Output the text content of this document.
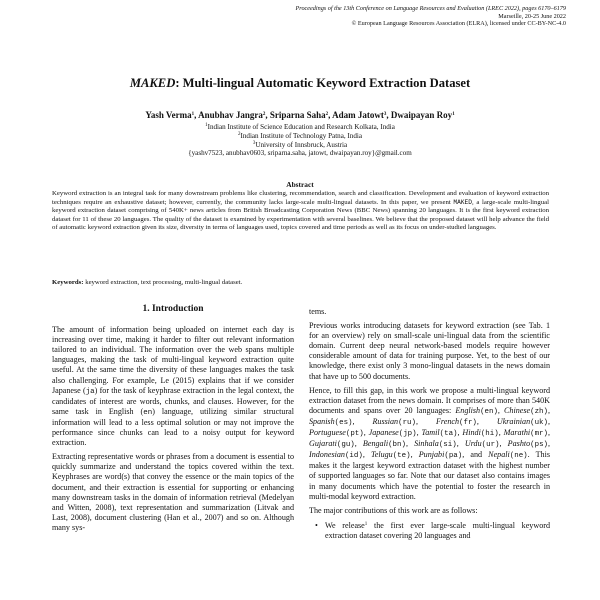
Proceedings of the 13th Conference on Language Resources and Evaluation (LREC 2022), pages 6170–6179
Marseille, 20-25 June 2022
© European Language Resources Association (ELRA), licensed under CC-BY-NC-4.0
MAKED: Multi-lingual Automatic Keyword Extraction Dataset
Yash Verma$^1$, Anubhav Jangra$^2$, Sriparna Saha$^2$, Adam Jatowt$^3$, Dwaipayan Roy$^1$
$^1$Indian Institute of Science Education and Research Kolkata, India
$^2$Indian Institute of Technology Patna, India
$^3$University of Innsbruck, Austria
{yashv7523, anubhav0603, sriparna.saha, jatowt, dwaipayan.roy}@gmail.com
Abstract
Keyword extraction is an integral task for many downstream problems like clustering, recommendation, search and classification. Development and evaluation of keyword extraction techniques require an exhaustive dataset; however, currently, the community lacks large-scale multi-lingual datasets. In this paper, we present MAKED, a large-scale multi-lingual keyword extraction dataset comprising of 540K+ news articles from British Broadcasting Corporation News (BBC News) spanning 20 languages. It is the first keyword extraction dataset for 11 of these 20 languages. The quality of the dataset is examined by experimentation with several baselines. We believe that the proposed dataset will help advance the field of automatic keyword extraction given its size, diversity in terms of languages used, topics covered and time periods as well as its focus on under-studied languages.
Keywords: keyword extraction, text processing, multi-lingual dataset.
1. Introduction

The amount of information being uploaded on internet each day is increasing over time, making it harder to filter out relevant information tailored to an individual. The information over the web spans multiple languages, making the task of multi-lingual keyword extraction quite useful. At the same time the diversity of these languages makes the task also challenging. For example, Le (2015) explains that if we consider Japanese (ja) for the task of keyphrase extraction in the legal context, the candidates of interest are words, chunks, and clauses. However, for the same task in English (en) language, utilizing similar structural information will lead to a less optimal solution or may not improve the performance since chunks can lead to a noisy output for keyword extraction.

Extracting representative words or phrases from a document is essential to quickly summarize and understand the topics covered within the text. Keyphrases are word(s) that convey the essence or the main topics of the document, and their extraction is essential for supporting or enhancing many downstream tasks in the domain of information retrieval (Medelyan and Witten, 2008), text representation and summarization (Litvak and Last, 2008), document clustering (Han et al., 2007) and so on. Although many sys-

tems.

Previous works introducing datasets for keyword extraction (see Tab. 1 for an overview) rely on small-scale uni-lingual data from the scientific domain. Current deep neural network-based models require however considerable amount of data for training purpose. Yet, to the best of our knowledge, there exist only 3 mono-lingual datasets in the news domain that have up to 500 documents.

Hence, to fill this gap, in this work we propose a multi-lingual keyword extraction dataset from the news domain. It comprises of more than 540K documents and spans over 20 languages: English(en), Chinese(zh), Spanish(es), Russian(ru), French(fr), Ukrainian(uk), Portuguese(pt), Japanese(jp), Tamil(ta), Hindi(hi), Marathi(mr), Gujarati(gu), Bengali(bn), Sinhala(si), Urdu(ur), Pashto(ps), Indonesian(id), Telugu(te), Punjabi(pa), and Nepali(ne). This makes it the largest keyword extraction dataset with the highest number of supported languages so far. Note that our dataset also contains images in many documents which have the potential to foster the research in multi-modal keyword extraction.

The major contributions of this work are as follows:

• We release$^1$ the first ever large-scale multi-lingual keyword extraction dataset covering 20 languages and
